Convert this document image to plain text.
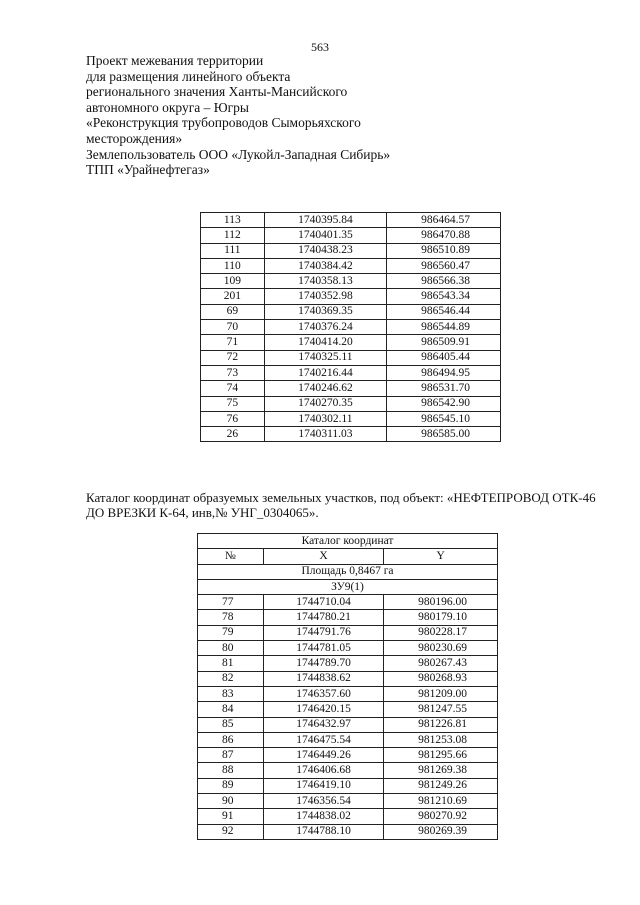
563
Проект межевания территории
для размещения линейного объекта
регионального значения Ханты-Мансийского
автономного округа – Югры
«Реконструкция трубопроводов Сыморьяхского
месторождения»
Землепользователь ООО «Лукойл-Западная Сибирь»
ТПП «Урайнефтегаз»
113	1740395.84	986464.57
112	1740401.35	986470.88
111	1740438.23	986510.89
110	1740384.42	986560.47
109	1740358.13	986566.38
201	1740352.98	986543.34
69	1740369.35	986546.44
70	1740376.24	986544.89
71	1740414.20	986509.91
72	1740325.11	986405.44
73	1740216.44	986494.95
74	1740246.62	986531.70
75	1740270.35	986542.90
76	1740302.11	986545.10
26	1740311.03	986585.00
Каталог координат образуемых земельных участков, под объект: «НЕФТЕПРОВОД ОТК-46 ДО ВРЕЗКИ К-64, инв,№ УНГ_0304065».
Каталог координат		
№	X	Y
Площадь 0,8467 га		
ЗУ9(1)		
77	1744710.04	980196.00
78	1744780.21	980179.10
79	1744791.76	980228.17
80	1744781.05	980230.69
81	1744789.70	980267.43
82	1744838.62	980268.93
83	1746357.60	981209.00
84	1746420.15	981247.55
85	1746432.97	981226.81
86	1746475.54	981253.08
87	1746449.26	981295.66
88	1746406.68	981269.38
89	1746419.10	981249.26
90	1746356.54	981210.69
91	1744838.02	980270.92
92	1744788.10	980269.39
